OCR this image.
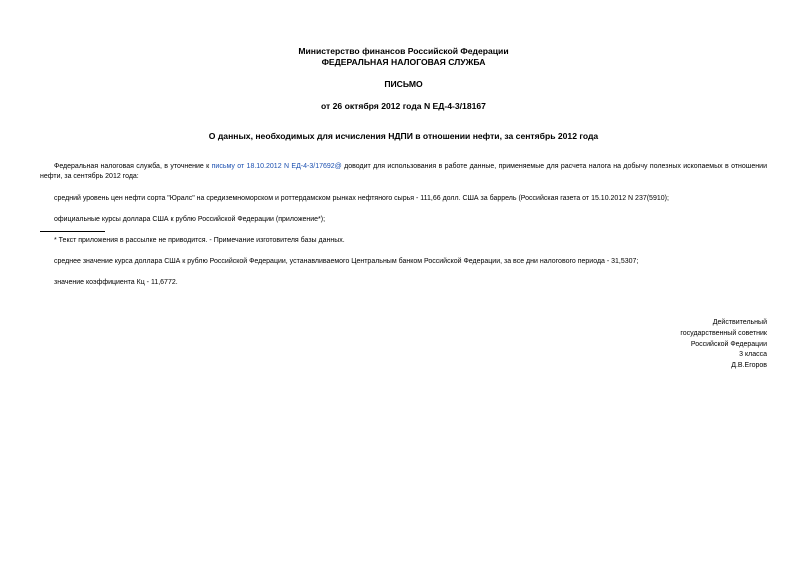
Министерство финансов Российской Федерации
ФЕДЕРАЛЬНАЯ НАЛОГОВАЯ СЛУЖБА
ПИСЬМО
от 26 октября 2012 года N ЕД-4-3/18167
О данных, необходимых для исчисления НДПИ в отношении нефти, за сентябрь 2012 года
Федеральная налоговая служба, в уточнение к письму от 18.10.2012 N ЕД-4-3/17692@ доводит для использования в работе данные, применяемые для расчета налога на добычу полезных ископаемых в отношении нефти, за сентябрь 2012 года:
средний уровень цен нефти сорта "Юралс" на средиземноморском и роттердамском рынках нефтяного сырья - 111,66 долл. США за баррель (Российская газета от 15.10.2012 N 237(5910);
официальные курсы доллара США к рублю Российской Федерации (приложение*);
* Текст приложения в рассылке не приводится. - Примечание изготовителя базы данных.
среднее значение курса доллара США к рублю Российской Федерации, устанавливаемого Центральным банком Российской Федерации, за все дни налогового периода - 31,5307;
значение коэффициента Кц - 11,6772.
Действительный
государственный советник
Российской Федерации
3 класса
Д.В.Егоров
